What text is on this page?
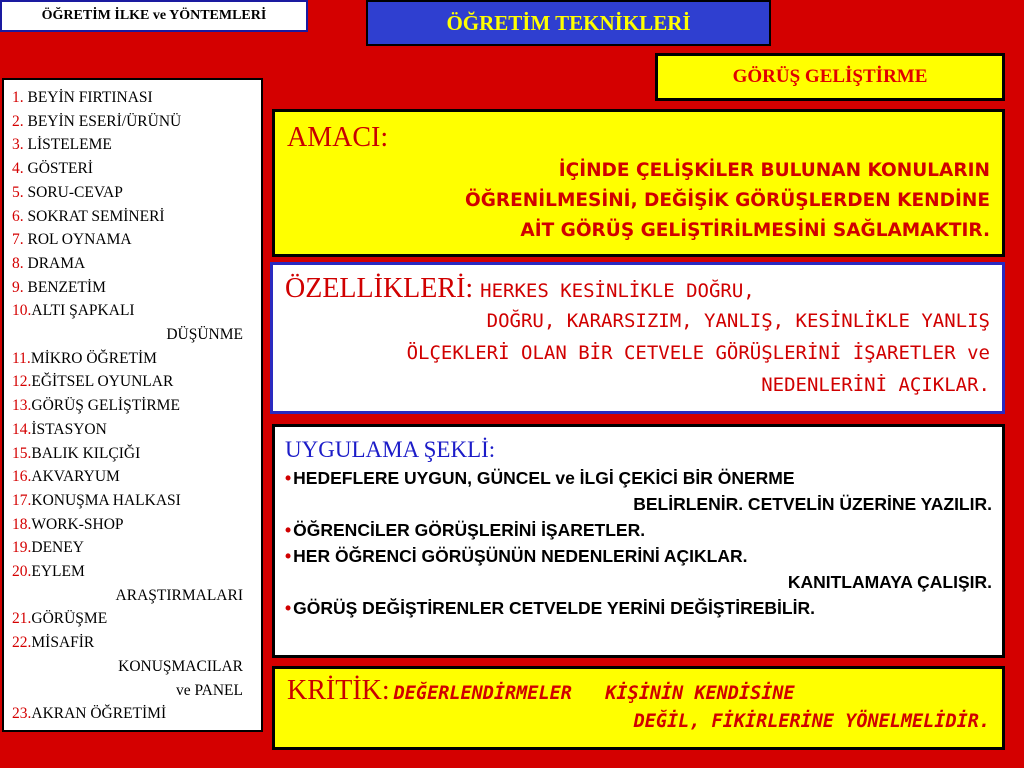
ÖĞRETİM İLKE ve YÖNTEMLERİ	ÖĞRETİM TEKNİKLERİ
GÖRÜŞ GELİŞTİRME
1. BEYİN FIRTINASI
2. BEYİN ESERİ/ÜRÜNÜ
3. LİSTELEME
4. GÖSTERİ
5. SORU-CEVAP
6. SOKRAT SEMİNERİ
7. ROL OYNAMA
8. DRAMA
9. BENZETİM
10.ALTI ŞAPKALI
DÜŞÜNME
11.MİKRO ÖĞRETİM
12.EĞİTSEL OYUNLAR
13.GÖRÜŞ GELİŞTİRME
14.İSTASYON
15.BALIK KILÇIĞI
16.AKVARYUM
17.KONUŞMA HALKASI
18.WORK-SHOP
19.DENEY
20.EYLEM
ARAŞTIRMALARI
21.GÖRÜŞME
22.MİSAFİR
KONUŞMACILAR
ve PANEL
23.AKRAN ÖĞRETİMİ
AMACI:
İÇİNDE ÇELİŞKİLER BULUNAN KONULARIN
ÖĞRENİLMESİNİ, DEĞİŞİK GÖRÜŞLERDEN KENDİNE
AİT GÖRÜŞ GELİŞTİRİLMESİNİ SAĞLAMAKTIR.
ÖZELLİKLERİ: HERKES KESİNLİKLE DOĞRU,
DOĞRU, KARARSIZIM, YANLIŞ, KESİNLİKLE YANLIŞ
ÖLÇEKLERİ OLAN BİR CETVELE GÖRÜŞLERİNİ İŞARETLER ve
NEDENLERİNİ AÇIKLAR.
UYGULAMA ŞEKLİ:
• HEDEFLERE UYGUN, GÜNCEL ve İLGİ ÇEKİCİ BİR ÖNERME
BELİRLENİR. CETVELİN ÜZERİNE YAZILIR.
• ÖĞRENCİLER GÖRÜŞLERİNİ İŞARETLER.
• HER ÖĞRENCİ GÖRÜŞÜNÜN NEDENLERİNİ AÇIKLAR.
KANITLAMAYA ÇALIŞIR.
• GÖRÜŞ DEĞİŞTİRENLER CETVELDE YERİNİ DEĞİŞTİREBİLİR.
KRİTİK: DEĞERLENDİRMELER   KİŞİNİN KENDİSİNE
DEĞİL, FİKİRLERİNE YÖNELMELİDİR.
